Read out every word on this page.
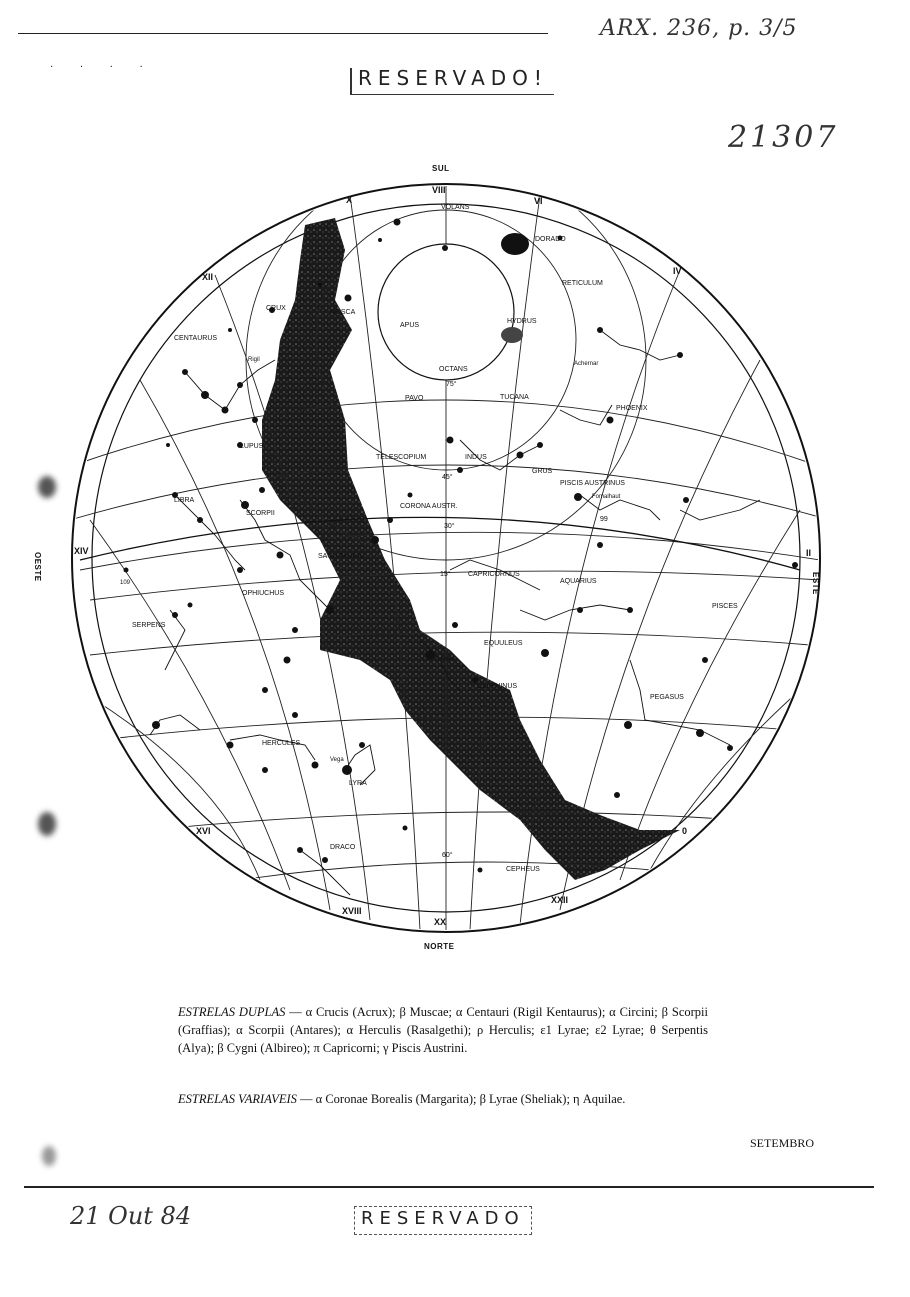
· · · ·
ARX. 236, p. 3/5
RESERVADO!
21307
SUL
NORTE
OESTE
ESTE
VIII
X	VI
XII
IV
XIV	II
XVI	0
XVIII
XX
XXII
75°
45°
30°
15°
60°
VOLANS
DORADO
RETICULUM
CRUX
MUSCA
APUS
HYDRUS
CENTAURUS
OCTANS
PAVO	TUCANA
PHOENIX
LUPUS
TELESCOPIUM	INDUS
GRUS
LIBRA
CORONA AUSTR.
PISCIS AUSTRINUS
SCORPII
SAGITTARIUS
CAPRICORNUS
AQUARIUS
OPHIUCHUS
SERPENS
EQUULEUS
PISCES
DELPHINUS
PEGASUS
HERCULES
LYRA
DRACO
CEPHEUS
Achernar
Fomalhaut
Altair
Vega
Rigil
109
99
ESTRELAS DUPLAS — α Crucis (Acrux); β Muscae; α Centauri (Rigil Kentaurus); α Circini; β Scorpii (Graffias); α Scorpii (Antares); α Herculis (Rasalgethi); ρ Herculis; ε1 Lyrae; ε2 Lyrae; θ Serpentis (Alya); β Cygni (Albireo); π Capricorni; γ Piscis Austrini.
ESTRELAS VARIAVEIS — α Coronae Borealis (Margarita); β Lyrae (Sheliak); η Aquilae.
SETEMBRO
21 Out 84	RESERVADO
